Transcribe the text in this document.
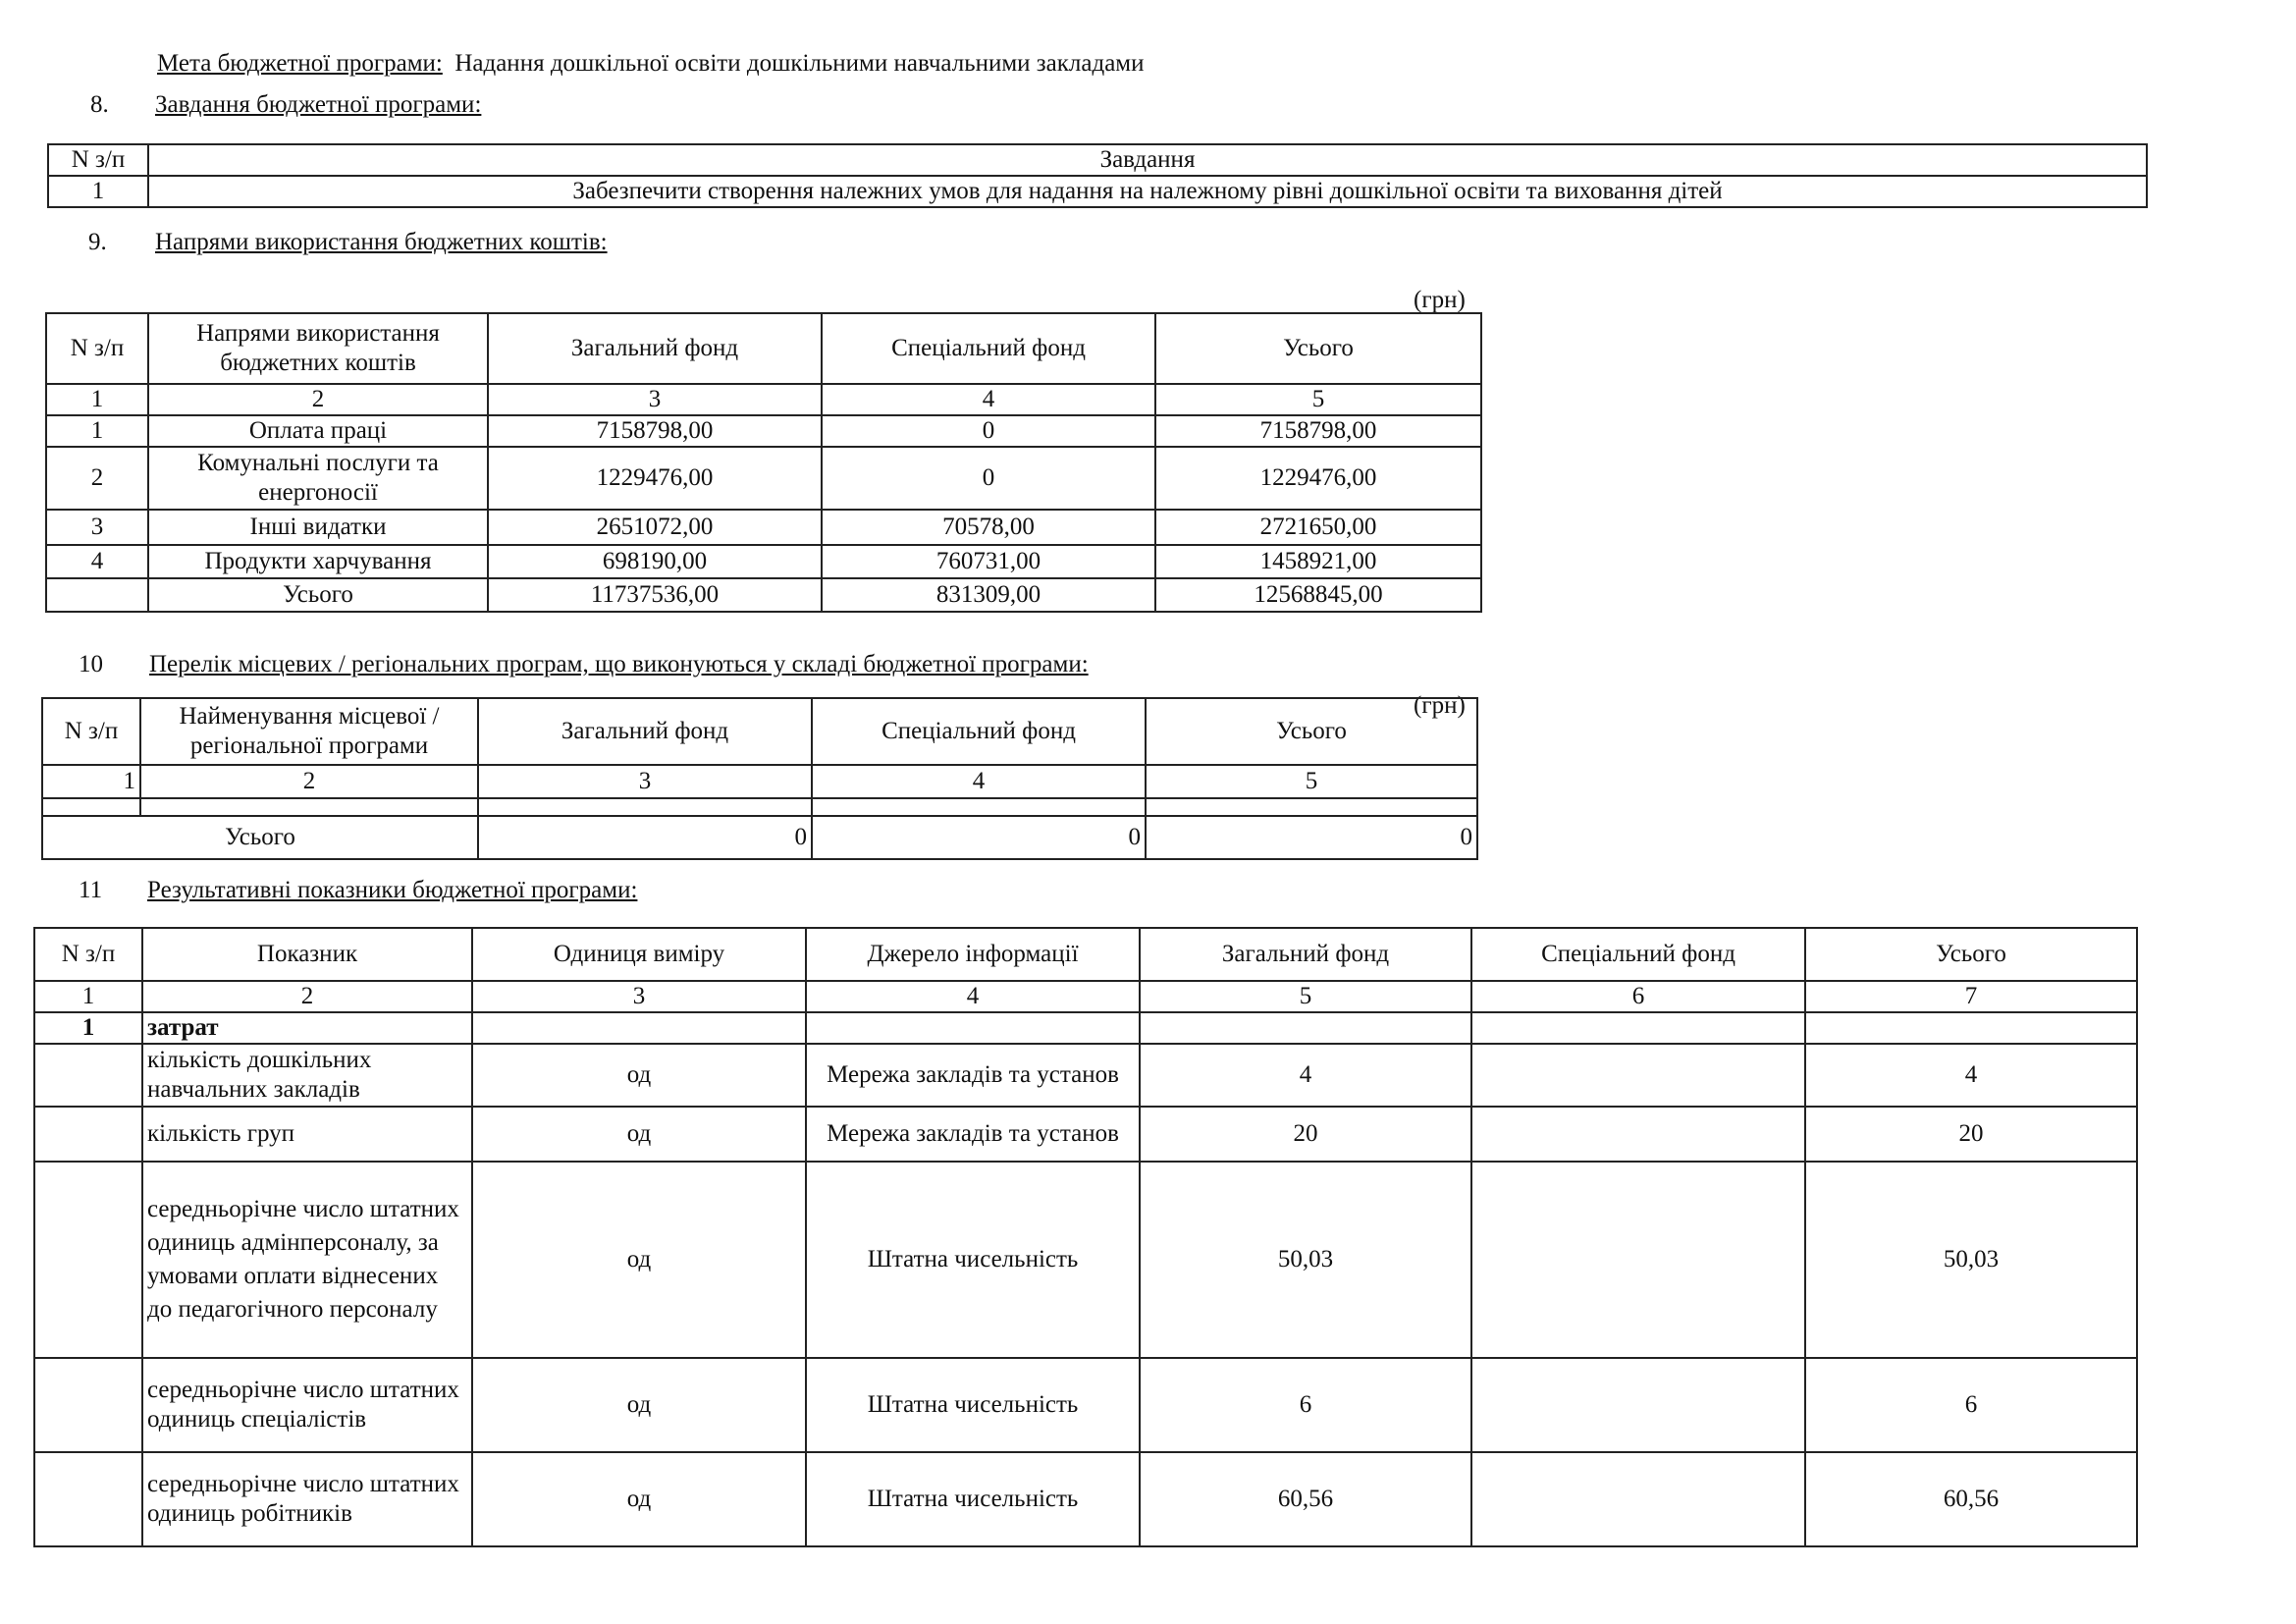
Мета бюджетної програми: Надання дошкільної освіти дошкільними навчальними закладами
8. Завдання бюджетної програми:
N з/п	Завдання
1	Забезпечити створення належних умов для надання на належному рівні дошкільної освіти та виховання дітей
9. Напрями використання бюджетних коштів:
(грн)
N з/п	Напрями використання бюджетних коштів	Загальний фонд	Спеціальний фонд	Усього
1	2	3	4	5
1	Оплата праці	7158798,00	0	7158798,00
2	Комунальні послуги та енергоносії	1229476,00	0	1229476,00
3	Інші видатки	2651072,00	70578,00	2721650,00
4	Продукти харчування	698190,00	760731,00	1458921,00
	Усього	11737536,00	831309,00	12568845,00
10 Перелік місцевих / регіональних програм, що виконуються у складі бюджетної програми:
(грн)
N з/п	Найменування місцевої / регіональної програми	Загальний фонд	Спеціальний фонд	Усього
1	2	3	4	5

Усього		0	0	0
11 Результативні показники бюджетної програми:
N з/п	Показник	Одиниця виміру	Джерело інформації	Загальний фонд	Спеціальний фонд	Усього
1	2	3	4	5	6	7
1	затрат					
	кількість дошкільних навчальних закладів	од	Мережа закладів та установ	4		4
	кількість груп	од	Мережа закладів та установ	20		20
	середньорічне число штатних одиниць адмінперсоналу, за умовами оплати віднесених до педагогічного персоналу	од	Штатна чисельність	50,03		50,03
	середньорічне число штатних одиниць спеціалістів	од	Штатна чисельність	6		6
	середньорічне число штатних одиниць робітників	од	Штатна чисельність	60,56		60,56
